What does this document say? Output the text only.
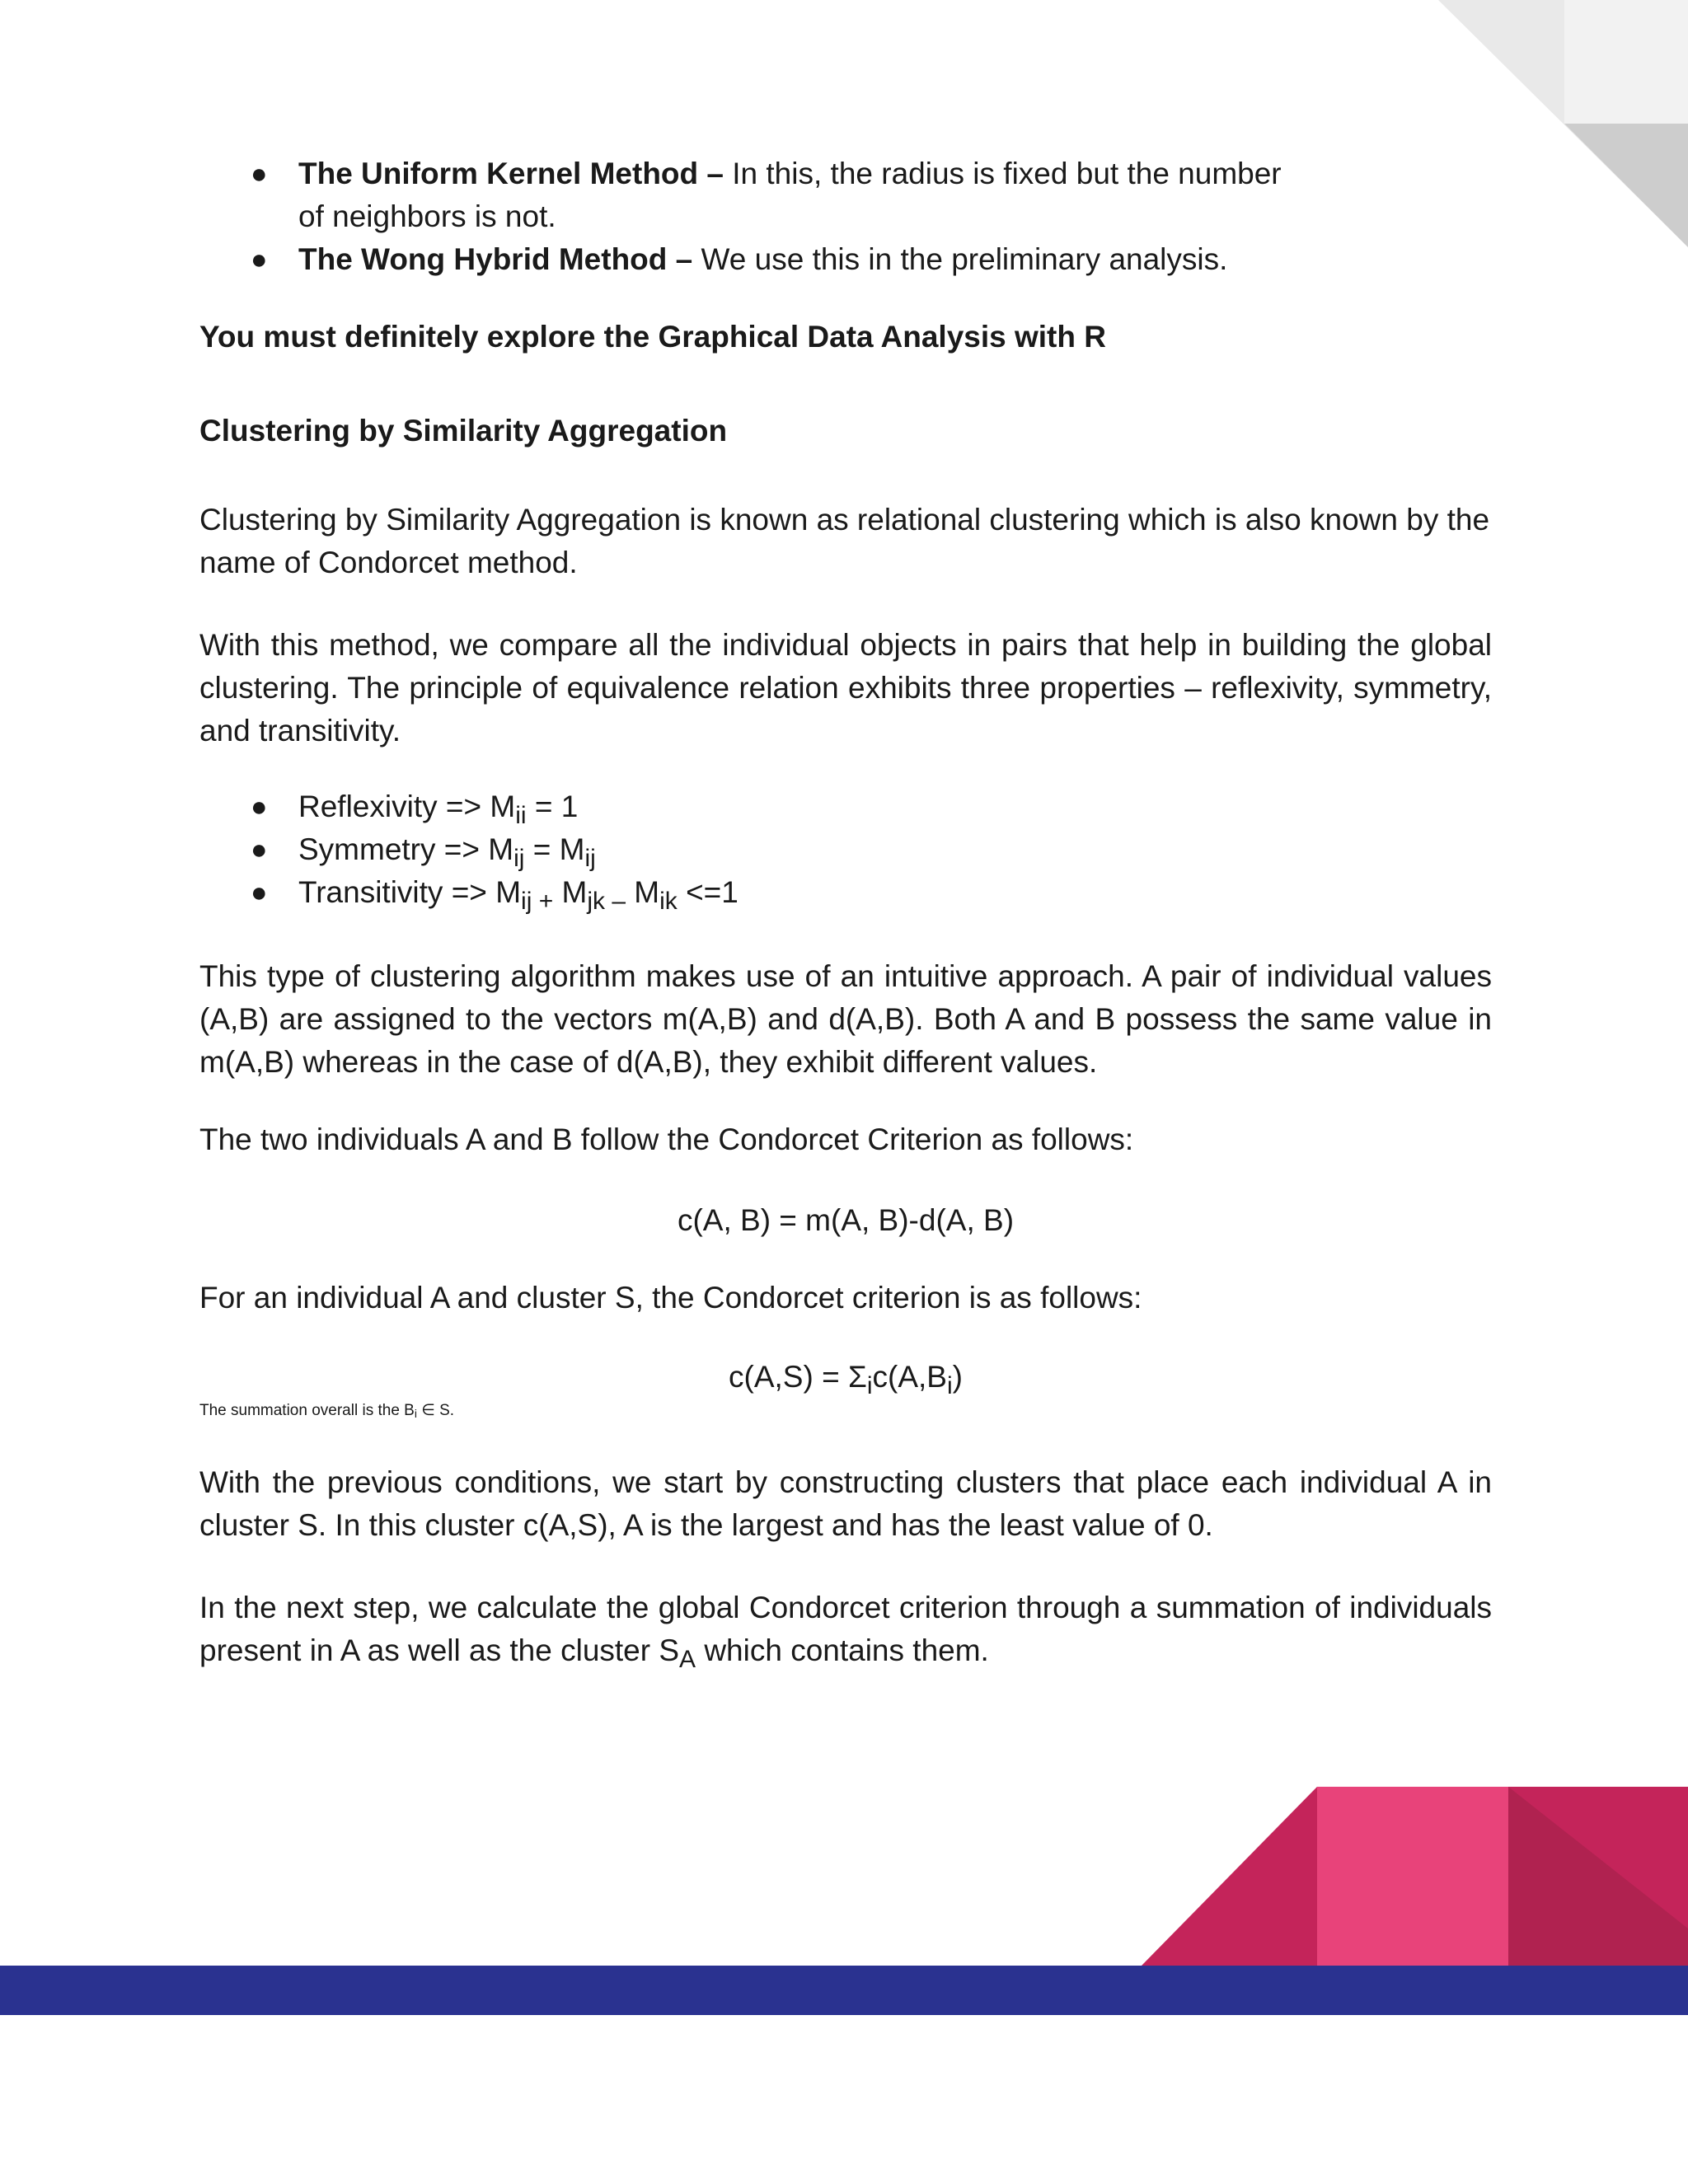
● The Uniform Kernel Method – In this, the radius is fixed but the number
of neighbors is not.
● The Wong Hybrid Method – We use this in the preliminary analysis.
You must definitely explore the Graphical Data Analysis with R
Clustering by Similarity Aggregation
Clustering by Similarity Aggregation is known as relational clustering which is also known by the name of Condorcet method.
With this method, we compare all the individual objects in pairs that help in building the global clustering. The principle of equivalence relation exhibits three properties – reflexivity, symmetry, and transitivity.
● Reflexivity => $M_{ii} = 1$
● Symmetry => $M_{ij} = M_{ij}$
● Transitivity => $M_{ij +}$ $M_{jk -}$ $M_{ik} <=1$
This type of clustering algorithm makes use of an intuitive approach. A pair of individual values (A,B) are assigned to the vectors m(A,B) and d(A,B). Both A and B possess the same value in m(A,B) whereas in the case of d(A,B), they exhibit different values.
The two individuals A and B follow the Condorcet Criterion as follows:
c(A, B) = m(A, B)-d(A, B)
For an individual A and cluster S, the Condorcet criterion is as follows:
$c(A,S) = \Sigma_ic(A,B_i)$
The summation overall is the $B_i$ ∈ S.
With the previous conditions, we start by constructing clusters that place each individual A in cluster S. In this cluster c(A,S), A is the largest and has the least value of 0.
In the next step, we calculate the global Condorcet criterion through a summation of individuals present in A as well as the cluster $S_A$ which contains them.
